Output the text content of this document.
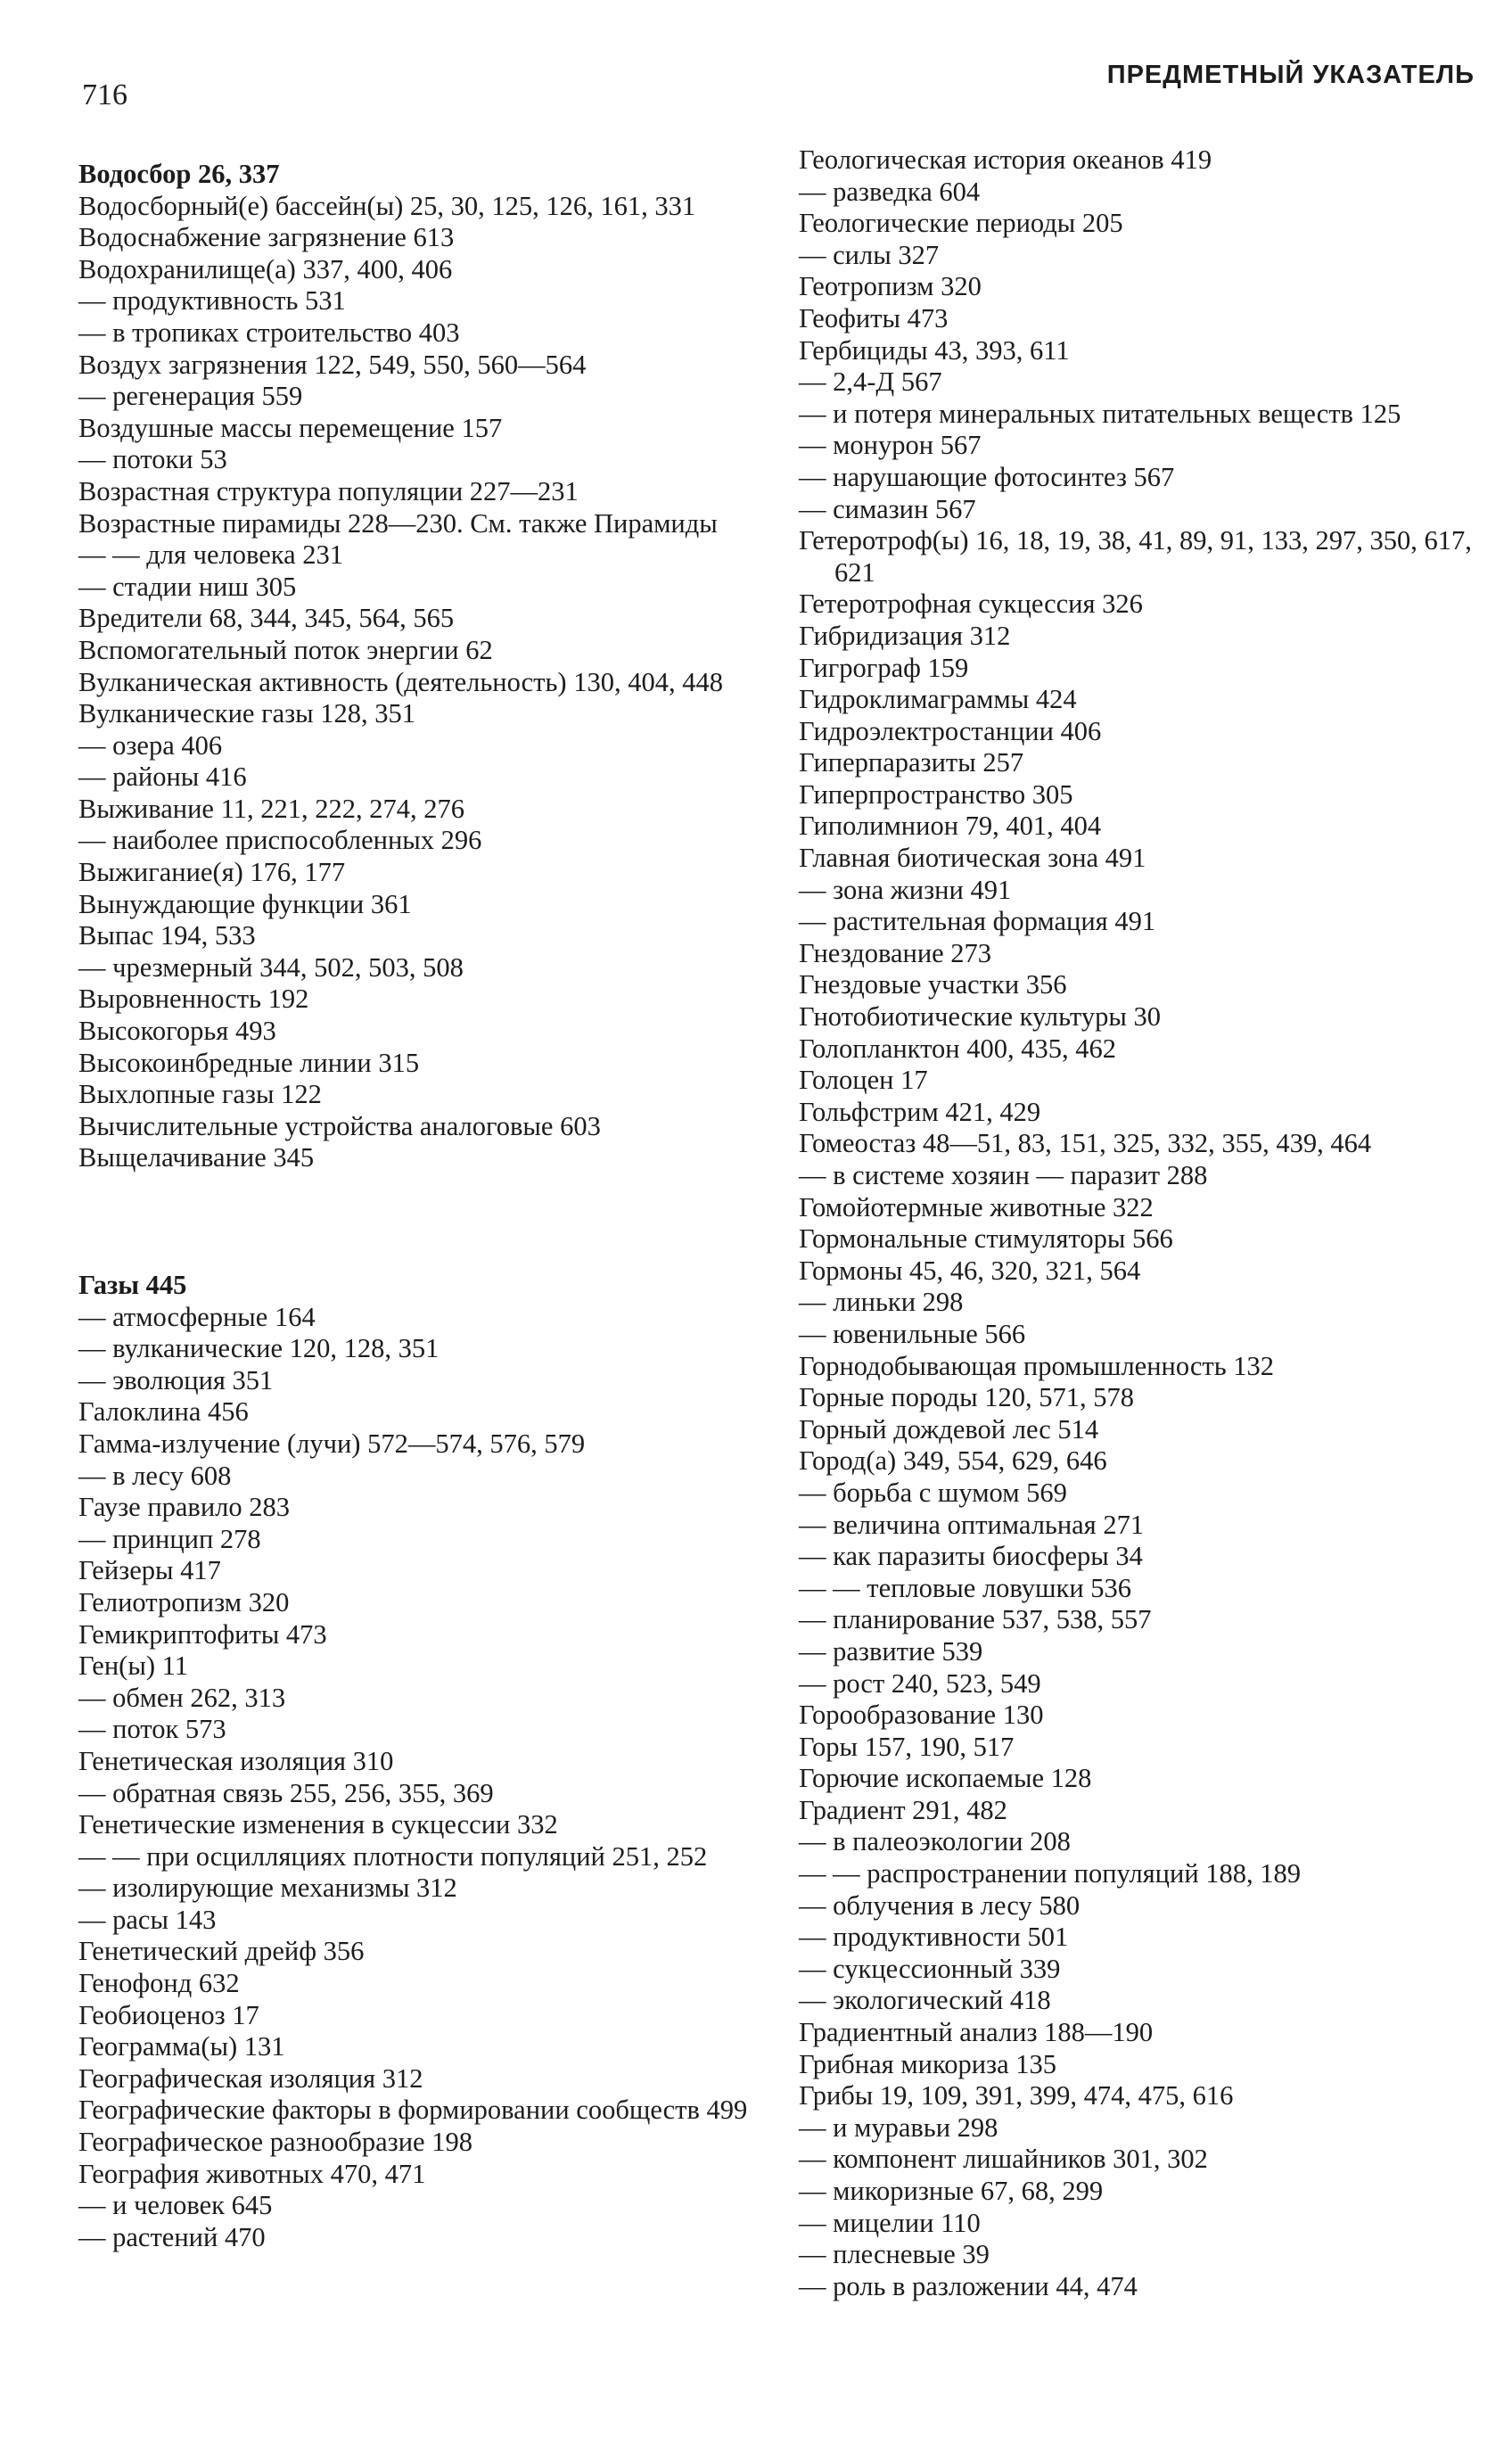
716
ПРЕДМЕТНЫЙ УКАЗАТЕЛЬ

Водосбор 26, 337

Водосборный(е) бассейн(ы) 25, 30, 125, 126, 161, 331

Водоснабжение загрязнение 613

Водохранилище(а) 337, 400, 406

— продуктивность 531

— в тропиках строительство 403

Воздух загрязнения 122, 549, 550, 560—564

— регенерация 559

Воздушные массы перемещение 157

— потоки 53

Возрастная структура популяции 227—231

Возрастные пирамиды 228—230. См. также Пирамиды

— — для человека 231

— стадии ниш 305

Вредители 68, 344, 345, 564, 565

Вспомогательный поток энергии 62

Вулканическая активность (деятельность) 130, 404, 448

Вулканические газы 128, 351

— озера 406

— районы 416

Выживание 11, 221, 222, 274, 276

— наиболее приспособленных 296

Выжигание(я) 176, 177

Вынуждающие функции 361

Выпас 194, 533

— чрезмерный 344, 502, 503, 508

Выровненность 192

Высокогорья 493

Высокоинбредные линии 315

Выхлопные газы 122

Вычислительные устройства аналоговые 603

Выщелачивание 345

Газы 445

— атмосферные 164

— вулканические 120, 128, 351

— эволюция 351

Галоклина 456

Гамма-излучение (лучи) 572—574, 576, 579

— в лесу 608

Гаузе правило 283

— принцип 278

Гейзеры 417

Гелиотропизм 320

Гемикриптофиты 473

Ген(ы) 11

— обмен 262, 313

— поток 573

Генетическая изоляция 310

— обратная связь 255, 256, 355, 369

Генетические изменения в сукцессии 332

— — при осцилляциях плотности популяций 251, 252

— изолирующие механизмы 312

— расы 143

Генетический дрейф 356

Генофонд 632

Геобиоценоз 17

Геограмма(ы) 131

Географическая изоляция 312

Географические факторы в формировании сообществ 499

Географическое разнообразие 198

География животных 470, 471

— и человек 645

— растений 470

Геологическая история океанов 419

— разведка 604

Геологические периоды 205

— силы 327

Геотропизм 320

Геофиты 473

Гербициды 43, 393, 611

— 2,4-Д 567

— и потеря минеральных питательных веществ 125

— монурон 567

— нарушающие фотосинтез 567

— симазин 567

Гетеротроф(ы) 16, 18, 19, 38, 41, 89, 91, 133, 297, 350, 617, 621

Гетеротрофная сукцессия 326

Гибридизация 312

Гигрограф 159

Гидроклимаграммы 424

Гидроэлектростанции 406

Гиперпаразиты 257

Гиперпространство 305

Гиполимнион 79, 401, 404

Главная биотическая зона 491

— зона жизни 491

— растительная формация 491

Гнездование 273

Гнездовые участки 356

Гнотобиотические культуры 30

Голопланктон 400, 435, 462

Голоцен 17

Гольфстрим 421, 429

Гомеостаз 48—51, 83, 151, 325, 332, 355, 439, 464

— в системе хозяин — паразит 288

Гомойотермные животные 322

Гормональные стимуляторы 566

Гормоны 45, 46, 320, 321, 564

— линьки 298

— ювенильные 566

Горнодобывающая промышленность 132

Горные породы 120, 571, 578

Горный дождевой лес 514

Город(а) 349, 554, 629, 646

— борьба с шумом 569

— величина оптимальная 271

— как паразиты биосферы 34

— — тепловые ловушки 536

— планирование 537, 538, 557

— развитие 539

— рост 240, 523, 549

Горообразование 130

Горы 157, 190, 517

Горючие ископаемые 128

Градиент 291, 482

— в палеоэкологии 208

— — распространении популяций 188, 189

— облучения в лесу 580

— продуктивности 501

— сукцессионный 339

— экологический 418

Градиентный анализ 188—190

Грибная микориза 135

Грибы 19, 109, 391, 399, 474, 475, 616

— и муравьи 298

— компонент лишайников 301, 302

— микоризные 67, 68, 299

— мицелии 110

— плесневые 39

— роль в разложении 44, 474
